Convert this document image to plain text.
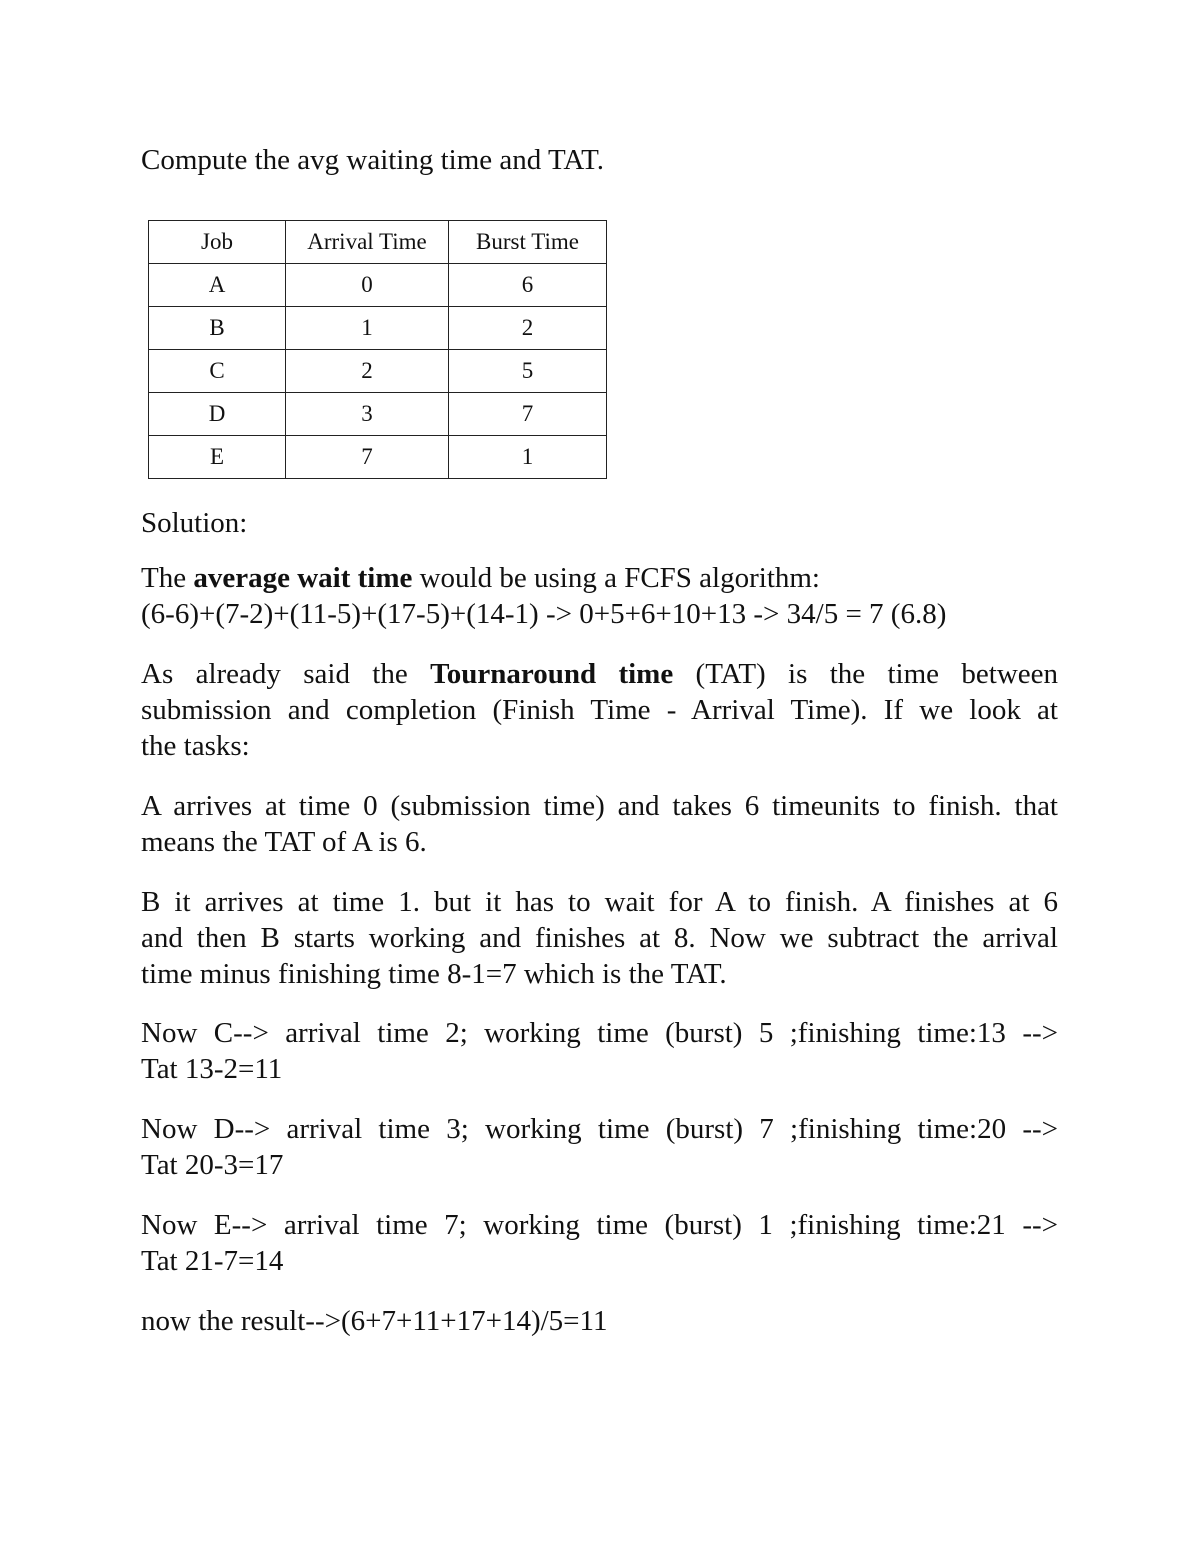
Compute the avg waiting time and TAT.
Job	Arrival Time	Burst Time
A	0	6
B	1	2
C	2	5
D	3	7
E	7	1
Solution:
The average wait time would be using a FCFS algorithm:
(6-6)+(7-2)+(11-5)+(17-5)+(14-1) -> 0+5+6+10+13 -> 34/5 = 7 (6.8)
As already said the Tournaround time (TAT) is the time between
submission and completion (Finish Time - Arrival Time). If we look at
the tasks:
A arrives at time 0 (submission time) and takes 6 timeunits to finish. that
means the TAT of A is 6.
B it arrives at time 1. but it has to wait for A to finish. A finishes at 6
and then B starts working and finishes at 8. Now we subtract the arrival
time minus finishing time 8-1=7 which is the TAT.
Now C--> arrival time 2; working time (burst) 5 ;finishing time:13 -->
Tat 13-2=11
Now D--> arrival time 3; working time (burst) 7 ;finishing time:20 -->
Tat 20-3=17
Now E--> arrival time 7; working time (burst) 1 ;finishing time:21 -->
Tat 21-7=14
now the result-->(6+7+11+17+14)/5=11
